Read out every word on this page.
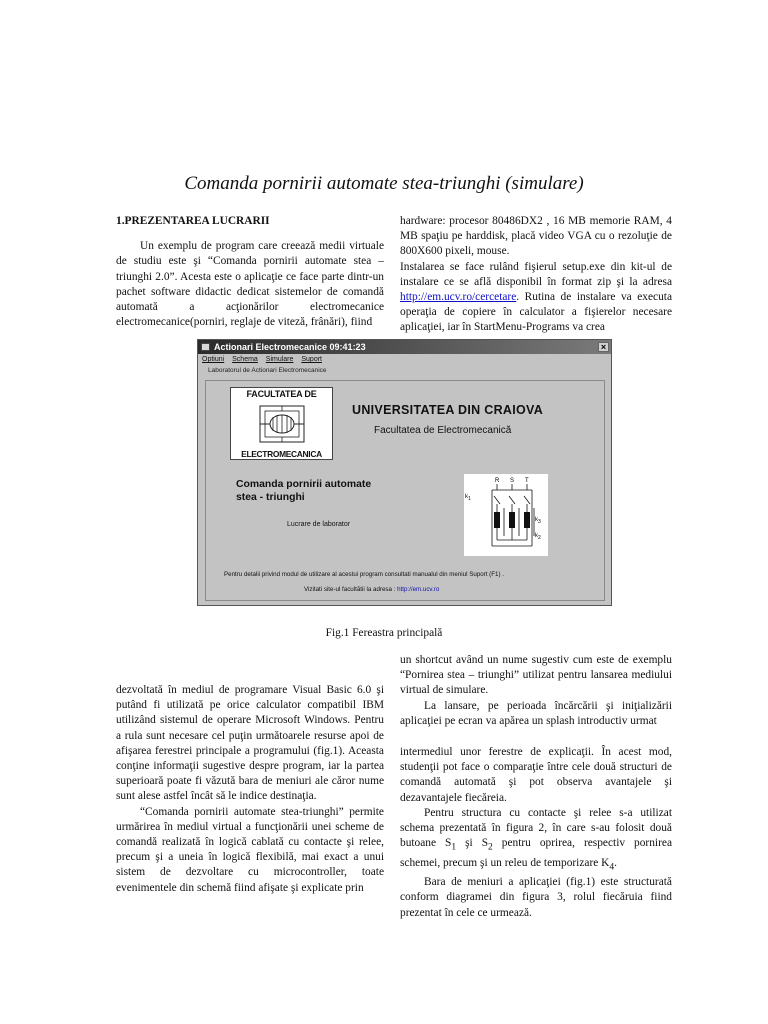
Comanda pornirii automate stea-triunghi (simulare)

1.PREZENTAREA LUCRARII

Un exemplu de program care creează medii virtuale de studiu este şi “Comanda pornirii automate stea – triunghi 2.0”. Acesta este o aplicaţie ce face parte dintr-un pachet software didactic dedicat sistemelor de comandă automată a acţionărilor electromecanice electromecanice(porniri, reglaje de viteză, frânări), fiind

hardware: procesor 80486DX2 , 16 MB memorie RAM, 4 MB spaţiu pe harddisk, placă video VGA cu o rezoluţie de 800X600 pixeli, mouse.

Instalarea se face rulând fişierul setup.exe din kit-ul de instalare ce se află disponibil în format zip şi la adresa http://em.ucv.ro/cercetare. Rutina de instalare va executa operaţia de copiere în calculator a fişierelor necesare aplicaţiei, iar în StartMenu-Programs va crea

Actionari Electromecanice 09:41:23	×
Optiuni Schema Simulare Suport
Laboratorul de Actionari Electromecanice
FACULTATEA DE
ELECTROMECANICA
UNIVERSITATEA DIN CRAIOVA
Facultatea de Electromecanică
Comanda pornirii automate
stea - triunghi
Lucrare de laborator
R S T
$k_1$
$k_3$
$k_2$
Pentru detalii privind modul de utilizare al acestui program consultati manualul din meniul Suport (F1) .
Vizitati site-ul facultătii la adresa : http://em.ucv.ro
Fig.1 Fereastra principală

dezvoltată în mediul de programare Visual Basic 6.0 şi putând fi utilizată pe orice calculator compatibil IBM utilizând sistemul de operare Microsoft Windows. Pentru a rula sunt necesare cel puţin următoarele resurse apoi de afişarea ferestrei principale a programului (fig.1). Aceasta conţine informaţii sugestive despre program, iar la partea superioară poate fi văzută bara de meniuri ale căror nume sunt alese astfel încât să le indice destinaţia.

“Comanda pornirii automate stea-triunghi” permite urmărirea în mediul virtual a funcţionării unei scheme de comandă realizată în logică cablată cu contacte şi relee, precum şi a uneia în logică flexibilă, mai exact a unui sistem de dezvoltare cu microcontroller, toate evenimentele din schemă fiind afişate şi explicate prin

un shortcut având un nume sugestiv cum este de exemplu “Pornirea stea – triunghi” utilizat pentru lansarea mediului virtual de simulare.

La lansare, pe perioada încărcării şi iniţializării aplicaţiei pe ecran va apărea un splash introductiv urmat

intermediul unor ferestre de explicaţii. În acest mod, studenţii pot face o comparaţie între cele două structuri de comandă automată şi pot observa avantajele şi dezavantajele fiecăreia.

Pentru structura cu contacte şi relee s-a utilizat schema prezentată în figura 2, în care s-au folosit două butoane $S_1$ şi $S_2$ pentru oprirea, respectiv pornirea schemei, precum şi un releu de temporizare $K_4$.

Bara de meniuri a aplicaţiei (fig.1) este structurată conform diagramei din figura 3, rolul fiecăruia fiind prezentat în cele ce urmează.
